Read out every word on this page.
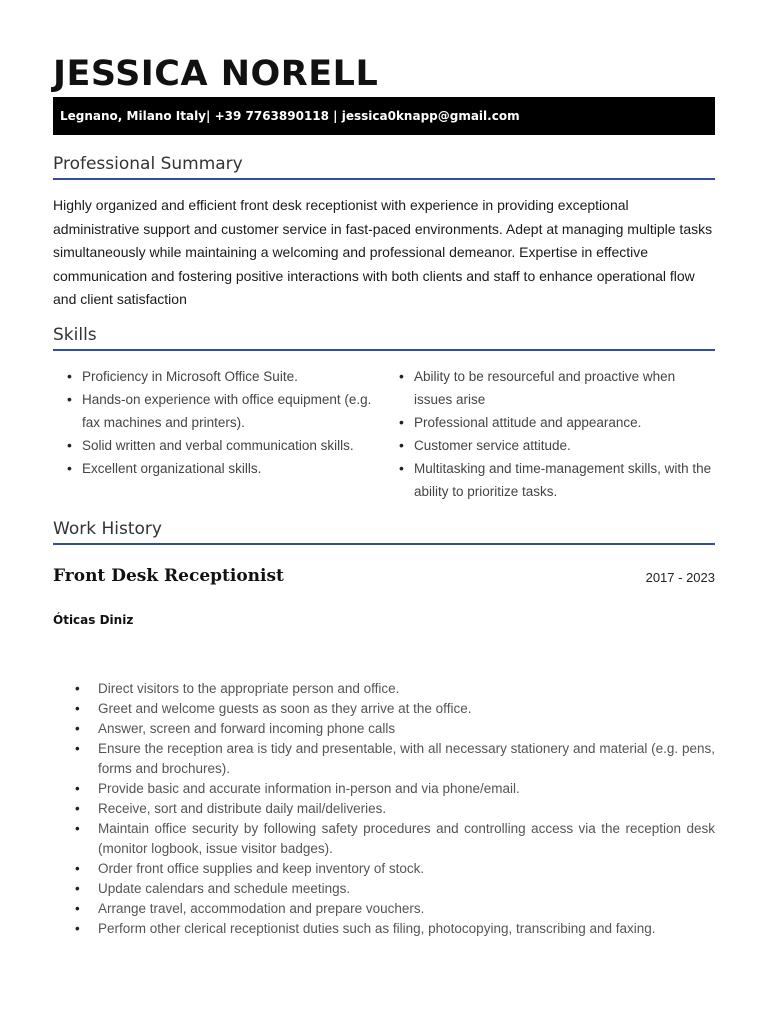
JESSICA NORELL
Legnano, Milano Italy| +39 7763890118 | jessica0knapp@gmail.com
Professional Summary

Highly organized and efficient front desk receptionist with experience in providing exceptional administrative support and customer service in fast-paced environments. Adept at managing multiple tasks simultaneously while maintaining a welcoming and professional demeanor. Expertise in effective communication and fostering positive interactions with both clients and staff to enhance operational flow and client satisfaction

Skills
• Proficiency in Microsoft Office Suite.
• Hands-on experience with office equipment (e.g. fax machines and printers).
• Solid written and verbal communication skills.
• Excellent organizational skills.
• Ability to be resourceful and proactive when issues arise
• Professional attitude and appearance.
• Customer service attitude.
• Multitasking and time-management skills, with the ability to prioritize tasks.
Work History
Front Desk Receptionist	2017 - 2023
Óticas Diniz
• Direct visitors to the appropriate person and office.
• Greet and welcome guests as soon as they arrive at the office.
• Answer, screen and forward incoming phone calls
• Ensure the reception area is tidy and presentable, with all necessary stationery and material (e.g. pens, forms and brochures).
• Provide basic and accurate information in-person and via phone/email.
• Receive, sort and distribute daily mail/deliveries.
• Maintain office security by following safety procedures and controlling access via the reception desk (monitor logbook, issue visitor badges).
• Order front office supplies and keep inventory of stock.
• Update calendars and schedule meetings.
• Arrange travel, accommodation and prepare vouchers.
• Perform other clerical receptionist duties such as filing, photocopying, transcribing and faxing.
